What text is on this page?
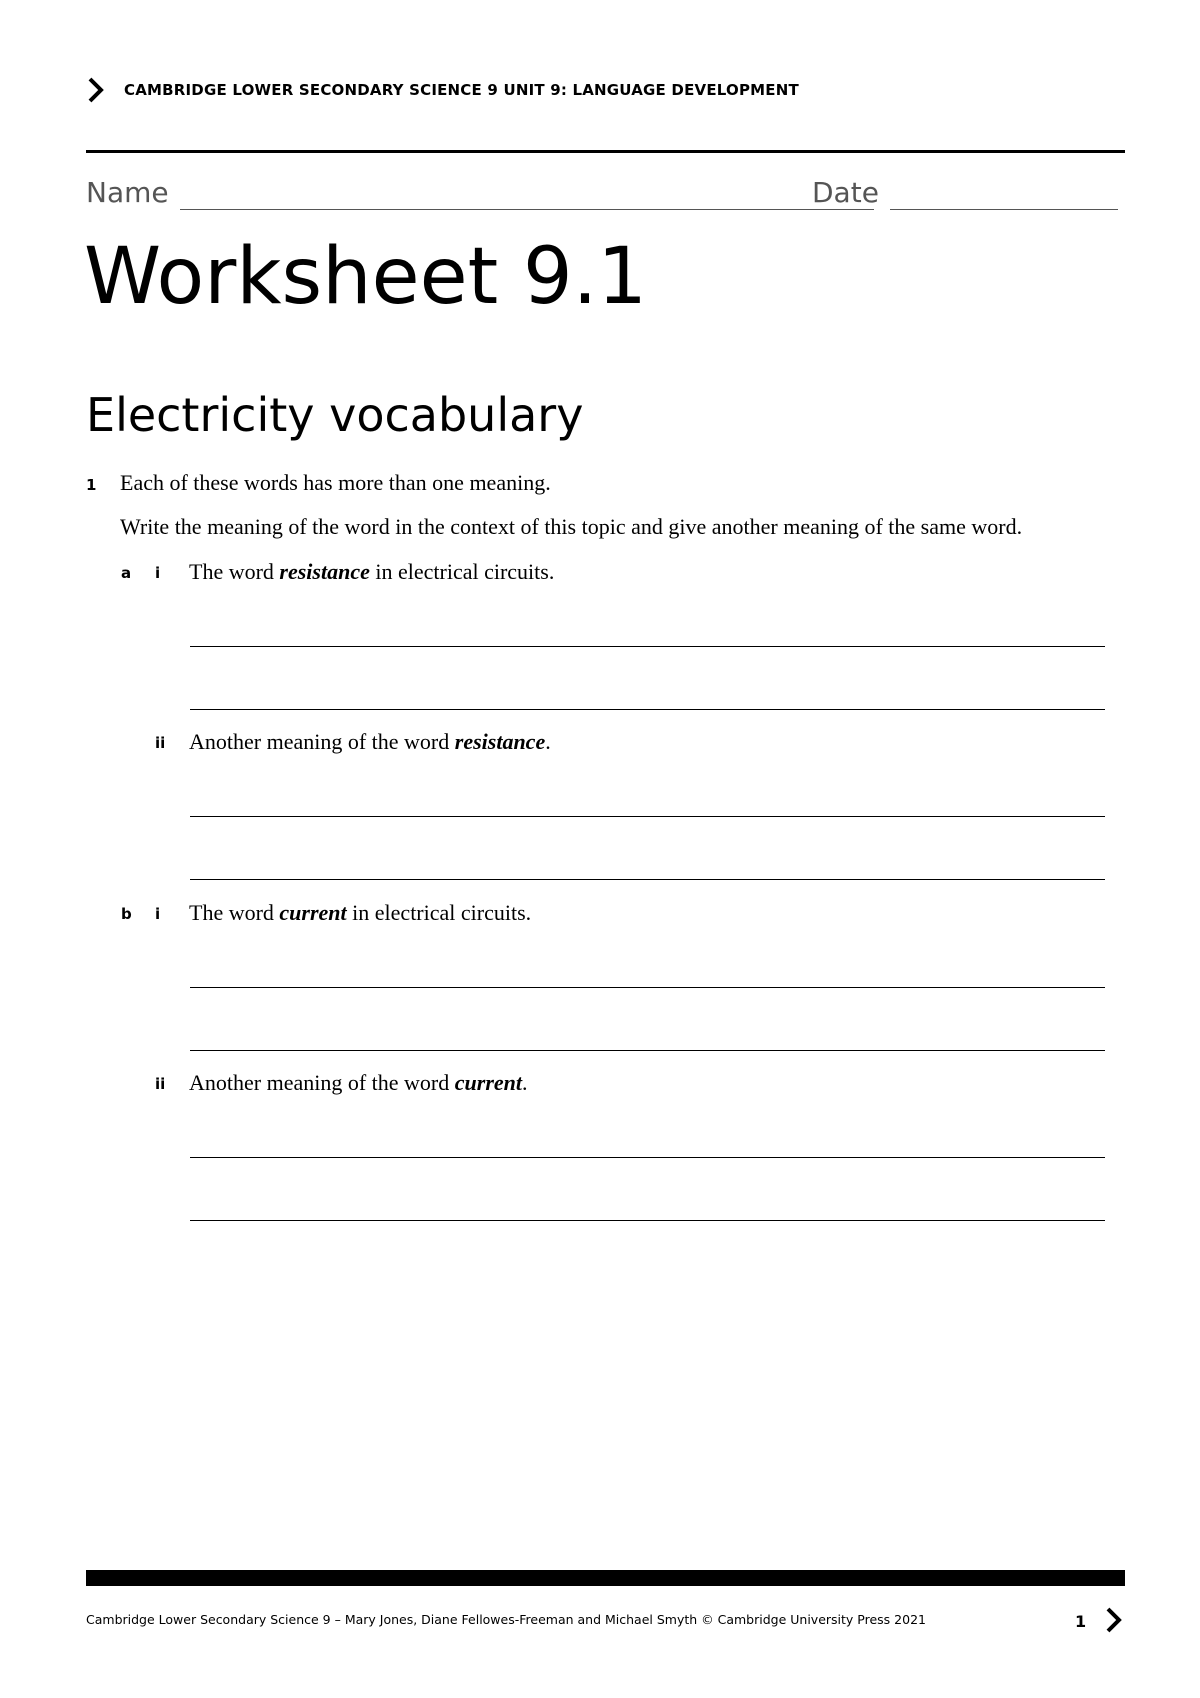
CAMBRIDGE LOWER SECONDARY SCIENCE 9 UNIT 9: LANGUAGE DEVELOPMENT
Name	Date
Worksheet 9.1
Electricity vocabulary
1 Each of these words has more than one meaning.
Write the meaning of the word in the context of this topic and give another meaning of the same word.
a i The word resistance in electrical circuits.
ii Another meaning of the word resistance.
b i The word current in electrical circuits.
ii Another meaning of the word current.
Cambridge Lower Secondary Science 9 – Mary Jones, Diane Fellowes-Freeman and Michael Smyth © Cambridge University Press 2021	1
